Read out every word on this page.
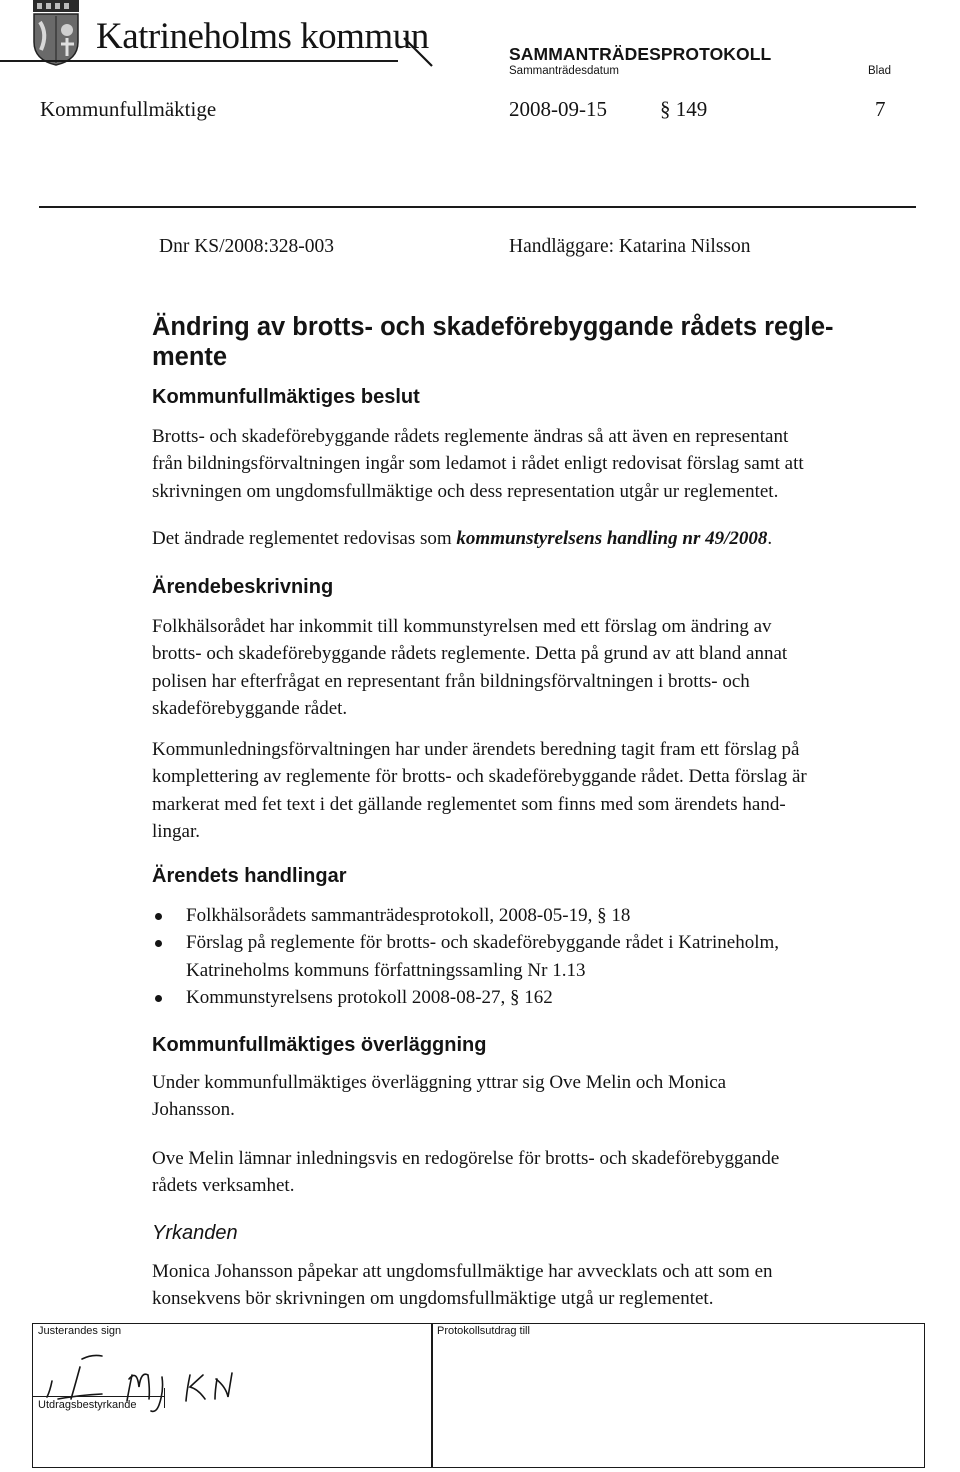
Katrineholms kommun	SAMMANTRÄDESPROTOKOLL
Sammanträdesdatum	Blad
Kommunfullmäktige	2008-09-15	§ 149	7
Dnr KS/2008:328-003	Handläggare: Katarina Nilsson
Ändring av brotts- och skadeförebyggande rådets regle-
mente
Kommunfullmäktiges beslut
Brotts- och skadeförebyggande rådets reglemente ändras så att även en representant
från bildningsförvaltningen ingår som ledamot i rådet enligt redovisat förslag samt att
skrivningen om ungdomsfullmäktige och dess representation utgår ur reglementet.
Det ändrade reglementet redovisas som kommunstyrelsens handling nr 49/2008.
Ärendebeskrivning
Folkhälsorådet har inkommit till kommunstyrelsen med ett förslag om ändring av
brotts- och skadeförebyggande rådets reglemente. Detta på grund av att bland annat
polisen har efterfrågat en representant från bildningsförvaltningen i brotts- och
skadeförebyggande rådet.
Kommunledningsförvaltningen har under ärendets beredning tagit fram ett förslag på
komplettering av reglemente för brotts- och skadeförebyggande rådet. Detta förslag är
markerat med fet text i det gällande reglementet som finns med som ärendets hand-
lingar.
Ärendets handlingar
Folkhälsorådets sammanträdesprotokoll, 2008-05-19, § 18
Förslag på reglemente för brotts- och skadeförebyggande rådet i Katrineholm,
Katrineholms kommuns författningssamling Nr 1.13
Kommunstyrelsens protokoll 2008-08-27, § 162
Kommunfullmäktiges överläggning
Under kommunfullmäktiges överläggning yttrar sig Ove Melin och Monica
Johansson.
Ove Melin lämnar inledningsvis en redogörelse för brotts- och skadeförebyggande
rådets verksamhet.
Yrkanden
Monica Johansson påpekar att ungdomsfullmäktige har avvecklats och att som en
konsekvens bör skrivningen om ungdomsfullmäktige utgå ur reglementet.
Justerandes sign	Protokollsutdrag till
Utdragsbestyrkande
